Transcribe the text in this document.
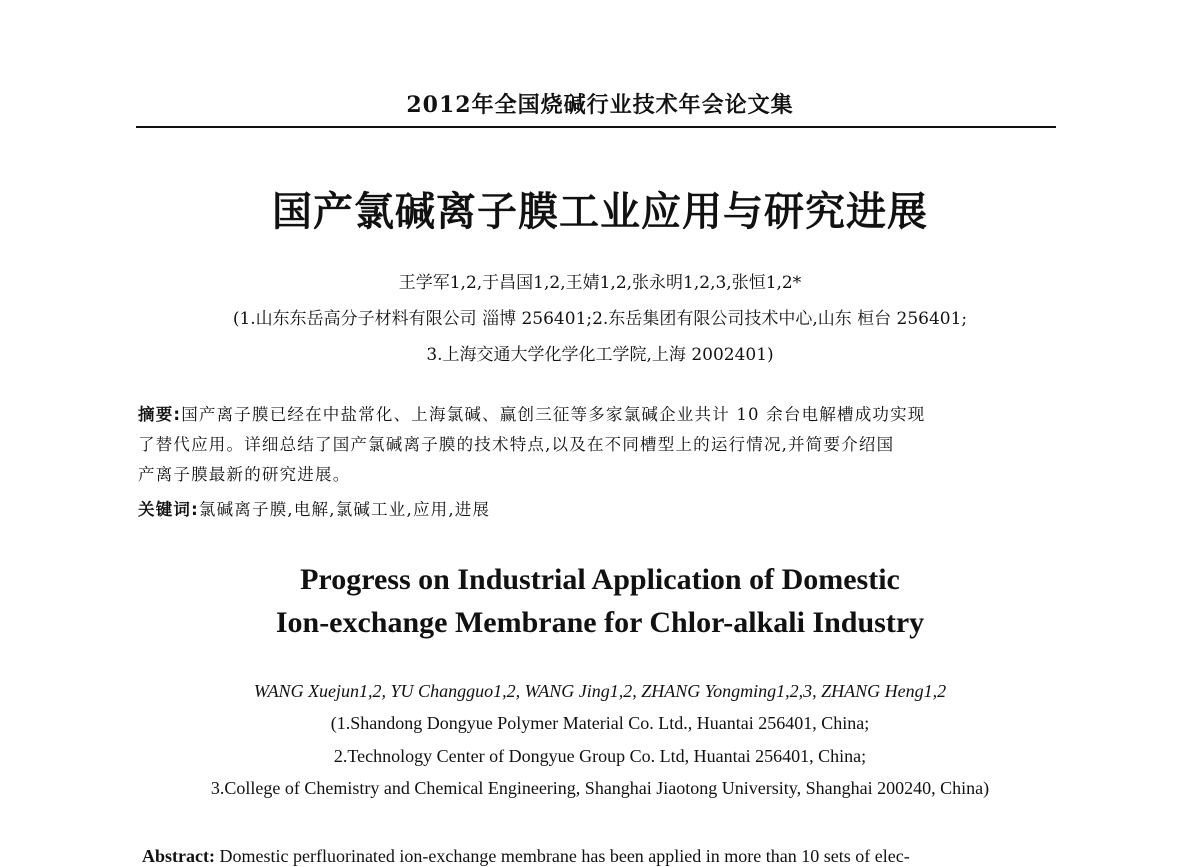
2012年全国烧碱行业技术年会论文集
国产氯碱离子膜工业应用与研究进展
王学军1,2,于昌国1,2,王婧1,2,张永明1,2,3,张恒1,2*
(1.山东东岳高分子材料有限公司 淄博 256401;2.东岳集团有限公司技术中心,山东 桓台 256401;
3.上海交通大学化学化工学院,上海 2002401)
摘要:国产离子膜已经在中盐常化、上海氯碱、赢创三征等多家氯碱企业共计 10 余台电解槽成功实现
了替代应用。详细总结了国产氯碱离子膜的技术特点,以及在不同槽型上的运行情况,并简要介绍国
产离子膜最新的研究进展。
关键词:氯碱离子膜,电解,氯碱工业,应用,进展
Progress on Industrial Application of Domestic
Ion-exchange Membrane for Chlor-alkali Industry
WANG Xuejun1,2, YU Changguo1,2, WANG Jing1,2, ZHANG Yongming1,2,3, ZHANG Heng1,2
(1.Shandong Dongyue Polymer Material Co. Ltd., Huantai 256401, China;
2.Technology Center of Dongyue Group Co. Ltd, Huantai 256401, China;
3.College of Chemistry and Chemical Engineering, Shanghai Jiaotong University, Shanghai 200240, China)
Abstract: Domestic perfluorinated ion-exchange membrane has been applied in more than 10 sets of elec-
